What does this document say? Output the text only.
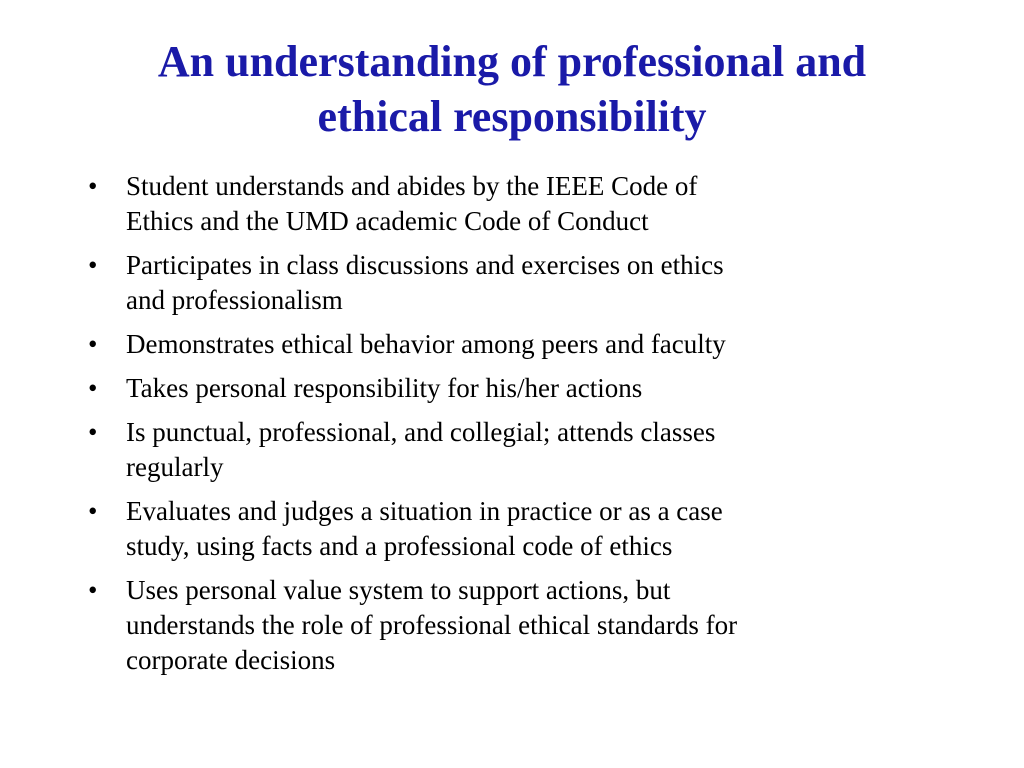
An understanding of professional and
ethical responsibility
•	Student understands and abides by the IEEE Code of
Ethics and the UMD academic Code of Conduct
•	Participates in class discussions and exercises on ethics
and professionalism
•	Demonstrates ethical behavior among peers and faculty
•	Takes personal responsibility for his/her actions
•	Is punctual, professional, and collegial; attends classes
regularly
•	Evaluates and judges a situation in practice or as a case
study, using facts and a professional code of ethics
•	Uses personal value system to support actions, but
understands the role of professional ethical standards for
corporate decisions
